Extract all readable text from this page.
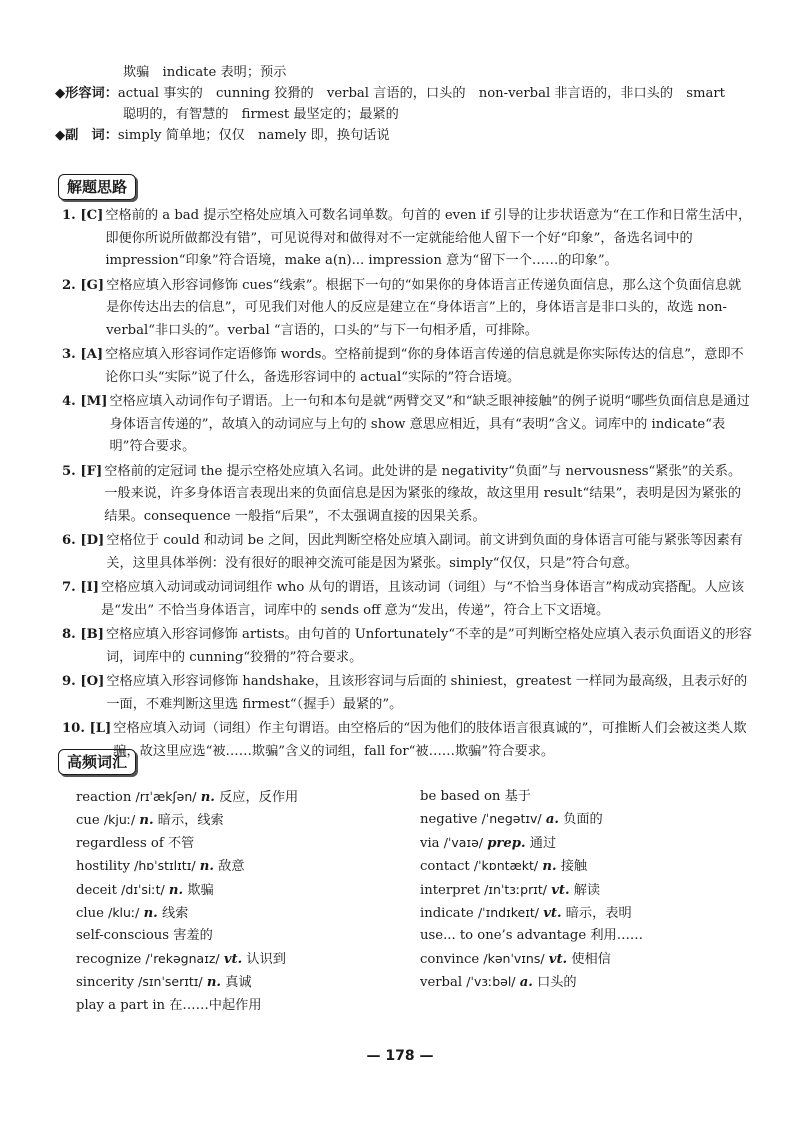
欺骗　indicate 表明；预示
◆形容词：actual 事实的　cunning 狡猾的　verbal 言语的，口头的　non-verbal 非言语的，非口头的　smart
聪明的，有智慧的　firmest 最坚定的；最紧的
◆副　词：simply 简单地；仅仅　namely 即，换句话说
解题思路
1. [C] 空格前的 a bad 提示空格处应填入可数名词单数。句首的 even if 引导的让步状语意为“在工作和日常生活中，即便你所说所做都没有错”，可见说得对和做得对不一定就能给他人留下一个好“印象”，备选名词中的 impression“印象”符合语境，make a(n)... impression 意为“留下一个……的印象”。
2. [G] 空格应填入形容词修饰 cues“线索”。根据下一句的“如果你的身体语言正传递负面信息，那么这个负面信息就是你传达出去的信息”，可见我们对他人的反应是建立在“身体语言”上的，身体语言是非口头的，故选 non-verbal“非口头的”。verbal “言语的，口头的”与下一句相矛盾，可排除。
3. [A] 空格应填入形容词作定语修饰 words。空格前提到“你的身体语言传递的信息就是你实际传达的信息”，意即不论你口头“实际”说了什么，备选形容词中的 actual“实际的”符合语境。
4. [M] 空格应填入动词作句子谓语。上一句和本句是就“两臂交叉”和“缺乏眼神接触”的例子说明“哪些负面信息是通过身体语言传递的”，故填入的动词应与上句的 show 意思应相近，具有“表明”含义。词库中的 indicate“表明”符合要求。
5. [F] 空格前的定冠词 the 提示空格处应填入名词。此处讲的是 negativity“负面”与 nervousness“紧张”的关系。一般来说，许多身体语言表现出来的负面信息是因为紧张的缘故，故这里用 result“结果”，表明是因为紧张的结果。consequence 一般指“后果”，不太强调直接的因果关系。
6. [D] 空格位于 could 和动词 be 之间，因此判断空格处应填入副词。前文讲到负面的身体语言可能与紧张等因素有关，这里具体举例：没有很好的眼神交流可能是因为紧张。simply“仅仅，只是”符合句意。
7. [I] 空格应填入动词或动词词组作 who 从句的谓语，且该动词（词组）与“不恰当身体语言”构成动宾搭配。人应该是“发出” 不恰当身体语言，词库中的 sends off 意为“发出，传递”，符合上下文语境。
8. [B] 空格应填入形容词修饰 artists。由句首的 Unfortunately“不幸的是”可判断空格处应填入表示负面语义的形容词，词库中的 cunning“狡猾的”符合要求。
9. [O] 空格应填入形容词修饰 handshake，且该形容词与后面的 shiniest，greatest 一样同为最高级，且表示好的一面，不难判断这里选 firmest“（握手）最紧的”。
10. [L] 空格应填入动词（词组）作主句谓语。由空格后的“因为他们的肢体语言很真诚的”，可推断人们会被这类人欺骗，故这里应选“被……欺骗”含义的词组，fall for“被……欺骗”符合要求。
高频词汇
reaction /rɪˈækʃən/ n. 反应，反作用
cue /kjuː/ n. 暗示，线索
regardless of 不管
hostility /hɒˈstɪlɪtɪ/ n. 敌意
deceit /dɪˈsiːt/ n. 欺骗
clue /kluː/ n. 线索
self-conscious 害羞的
recognize /ˈrekəgnaɪz/ vt. 认识到
sincerity /sɪnˈserɪtɪ/ n. 真诚
play a part in 在……中起作用
be based on 基于
negative /ˈnegətɪv/ a. 负面的
via /ˈvaɪə/ prep. 通过
contact /ˈkɒntækt/ n. 接触
interpret /ɪnˈtɜːprɪt/ vt. 解读
indicate /ˈɪndɪkeɪt/ vt. 暗示，表明
use... to one’s advantage 利用……
convince /kənˈvɪns/ vt. 使相信
verbal /ˈvɜːbəl/ a. 口头的
— 178 —
